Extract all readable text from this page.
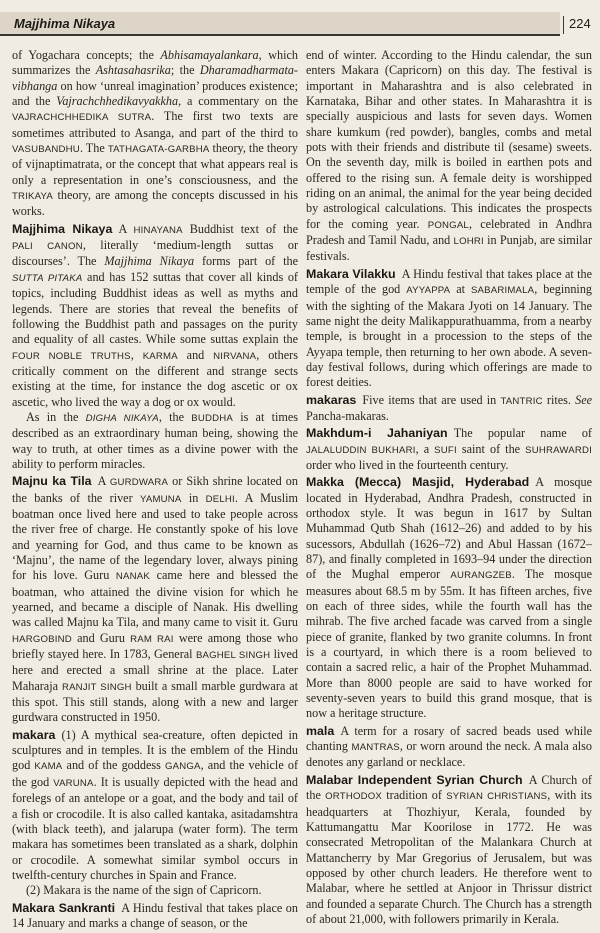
Majjhima Nikaya	224

of Yogachara concepts; the Abhisamayalankara, which summarizes the Ashtasahasrika; the Dharamadharmata-vibhanga on how ‘unreal imagination’ produces existence; and the Vajrachchhedikavyakkha, a commentary on the VAJRACHCHHEDIKA SUTRA. The first two texts are sometimes attributed to Asanga, and part of the third to VASUBANDHU. The TATHAGATA-GARBHA theory, the theory of vijnaptimatrata, or the concept that what appears real is only a representation in one’s consciousness, and the TRIKAYA theory, are among the concepts discussed in his works.

Majjhima Nikaya  A HINAYANA Buddhist text of the PALI CANON, literally ‘medium-length suttas or discourses’. The Majjhima Nikaya forms part of the SUTTA PITAKA and has 152 suttas that cover all kinds of topics, including Buddhist ideas as well as myths and legends. There are stories that reveal the benefits of following the Buddhist path and passages on the purity and equality of all castes. While some suttas explain the FOUR NOBLE TRUTHS, KARMA and NIRVANA, others critically comment on the different and strange sects existing at the time, for instance the dog ascetic or ox ascetic, who lived the way a dog or ox would.

As in the DIGHA NIKAYA, the BUDDHA is at times described as an extraordinary human being, showing the way to truth, at other times as a divine power with the ability to perform miracles.

Majnu ka Tila  A GURDWARA or Sikh shrine located on the banks of the river YAMUNA in DELHI. A Muslim boatman once lived here and used to take people across the river free of charge. He constantly spoke of his love and yearning for God, and thus came to be known as ‘Majnu’, the name of the legendary lover, always pining for his love. Guru NANAK came here and blessed the boatman, who attained the divine vision for which he yearned, and became a disciple of Nanak. His dwelling was called Majnu ka Tila, and many came to visit it. Guru HARGOBIND and Guru RAM RAI were among those who briefly stayed here. In 1783, General BAGHEL SINGH lived here and erected a small shrine at the place. Later Maharaja RANJIT SINGH built a small marble gurdwara at this spot. This still stands, along with a new and larger gurdwara constructed in 1950.

makara  (1) A mythical sea-creature, often depicted in sculptures and in temples. It is the emblem of the Hindu god KAMA and of the goddess GANGA, and the vehicle of the god VARUNA. It is usually depicted with the head and forelegs of an antelope or a goat, and the body and tail of a fish or crocodile. It is also called kantaka, asitadamshtra (with black teeth), and jalarupa (water form). The term makara has sometimes been translated as a shark, dolphin or crocodile. A somewhat similar symbol occurs in twelfth-century churches in Spain and France.

(2) Makara is the name of the sign of Capricorn.

Makara Sankranti  A Hindu festival that takes place on 14 January and marks a change of season, or the

end of winter. According to the Hindu calendar, the sun enters Makara (Capricorn) on this day. The festival is important in Maharashtra and is also celebrated in Karnataka, Bihar and other states. In Maharashtra it is specially auspicious and lasts for seven days. Women share kumkum (red powder), bangles, combs and metal pots with their friends and distribute til (sesame) sweets. On the seventh day, milk is boiled in earthen pots and offered to the rising sun. A female deity is worshipped riding on an animal, the animal for the year being decided by astrological calculations. This indicates the prospects for the coming year. PONGAL, celebrated in Andhra Pradesh and Tamil Nadu, and LOHRI in Punjab, are similar festivals.

Makara Vilakku  A Hindu festival that takes place at the temple of the god AYYAPPA at SABARIMALA, beginning with the sighting of the Makara Jyoti on 14 January. The same night the deity Malikappurathuamma, from a nearby temple, is brought in a procession to the steps of the Ayyapa temple, then returning to her own abode. A seven-day festival follows, during which offerings are made to forest deities.

makaras  Five items that are used in TANTRIC rites. See Pancha-makaras.

Makhdum-i Jahaniyan  The popular name of JALALUDDIN BUKHARI, a SUFI saint of the SUHRAWARDI order who lived in the fourteenth century.

Makka (Mecca) Masjid, Hyderabad  A mosque located in Hyderabad, Andhra Pradesh, constructed in orthodox style. It was begun in 1617 by Sultan Muhammad Qutb Shah (1612–26) and added to by his sucessors, Abdullah (1626–72) and Abul Hassan (1672–87), and finally completed in 1693–94 under the direction of the Mughal emperor AURANGZEB. The mosque measures about 68.5 m by 55m. It has fifteen arches, five on each of three sides, while the fourth wall has the mihrab. The five arched facade was carved from a single piece of granite, flanked by two granite columns. In front is a courtyard, in which there is a room believed to contain a sacred relic, a hair of the Prophet Muhammad. More than 8000 people are said to have worked for seventy-seven years to build this grand mosque, that is now a heritage structure.

mala  A term for a rosary of sacred beads used while chanting MANTRAS, or worn around the neck. A mala also denotes any garland or necklace.

Malabar Independent Syrian Church  A Church of the ORTHODOX tradition of SYRIAN CHRISTIANS, with its headquarters at Thozhiyur, Kerala, founded by Kattumangattu Mar Koorilose in 1772. He was consecrated Metropolitan of the Malankara Church at Mattancherry by Mar Gregorius of Jerusalem, but was opposed by other church leaders. He therefore went to Malabar, where he settled at Anjoor in Thrissur district and founded a separate Church. The Church has a strength of about 21,000, with followers primarily in Kerala.
